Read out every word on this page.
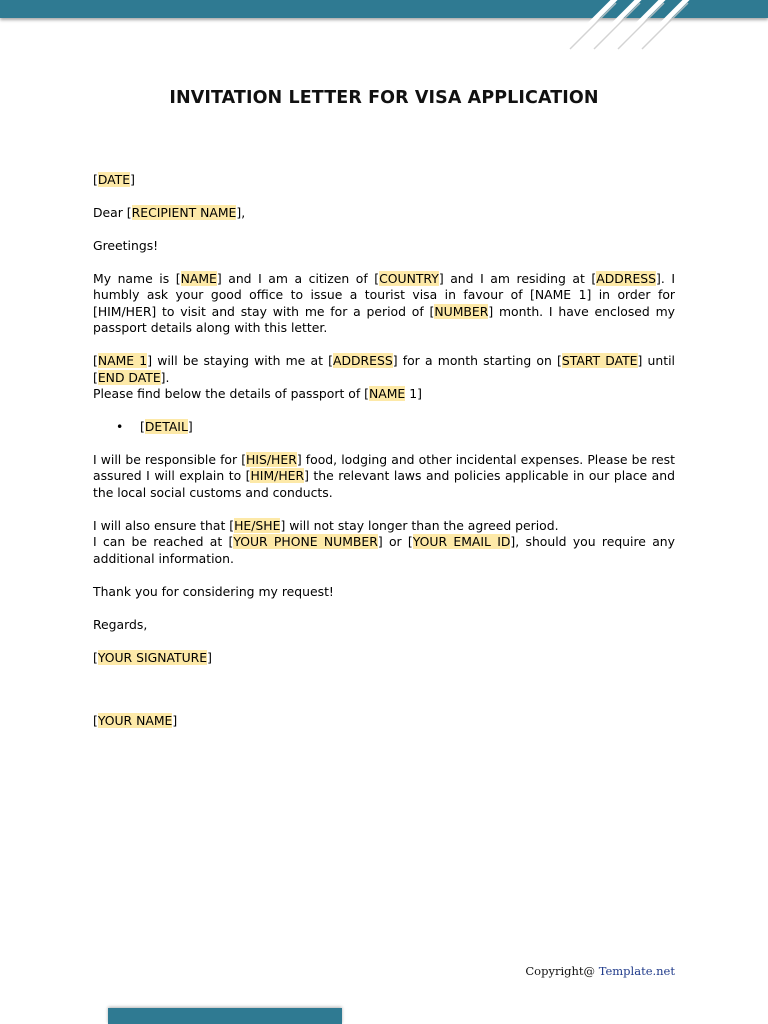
INVITATION LETTER FOR VISA APPLICATION

[DATE]

Dear [RECIPIENT NAME],

Greetings!

My name is [NAME] and I am a citizen of [COUNTRY] and I am residing at [ADDRESS]. I humbly ask your good office to issue a tourist visa in favour of [NAME 1] in order for [HIM/HER] to visit and stay with me for a period of [NUMBER] month. I have enclosed my passport details along with this letter.

[NAME 1] will be staying with me at [ADDRESS] for a month starting on [START DATE] until [END DATE].

Please find below the details of passport of [NAME 1]

• [DETAIL]

I will be responsible for [HIS/HER] food, lodging and other incidental expenses. Please be rest assured I will explain to [HIM/HER] the relevant laws and policies applicable in our place and the local social customs and conducts.

I will also ensure that [HE/SHE] will not stay longer than the agreed period.

I can be reached at [YOUR PHONE NUMBER] or [YOUR EMAIL ID], should you require any additional information.

Thank you for considering my request!

Regards,

[YOUR SIGNATURE]

[YOUR NAME]

Copyright@ Template.net
